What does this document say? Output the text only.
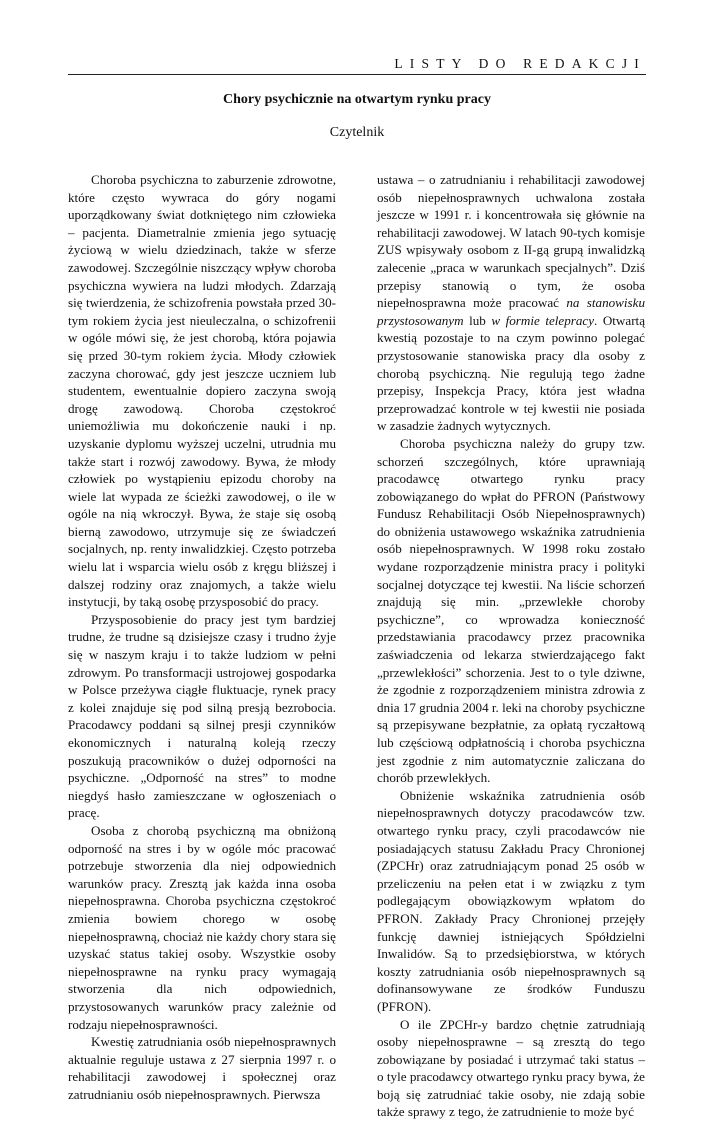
LISTY DO REDAKCJI
Chory psychicznie na otwartym rynku pracy
Czytelnik

Choroba psychiczna to zaburzenie zdrowotne, które często wywraca do góry nogami uporządkowany świat dotkniętego nim człowieka – pacjenta. Diametralnie zmienia jego sytuację życiową w wielu dziedzinach, także w sferze zawodowej. Szczególnie niszczący wpływ choroba psychiczna wywiera na ludzi młodych. Zdarzają się twierdzenia, że schizofrenia powstała przed 30-tym rokiem życia jest nieuleczalna, o schizofrenii w ogóle mówi się, że jest chorobą, która pojawia się przed 30-tym rokiem życia. Młody człowiek zaczyna chorować, gdy jest jeszcze uczniem lub studentem, ewentualnie dopiero zaczyna swoją drogę zawodową. Choroba częstokroć uniemożliwia mu dokończenie nauki i np. uzyskanie dyplomu wyższej uczelni, utrudnia mu także start i rozwój zawodowy. Bywa, że młody człowiek po wystąpieniu epizodu choroby na wiele lat wypada ze ścieżki zawodowej, o ile w ogóle na nią wkroczył. Bywa, że staje się osobą bierną zawodowo, utrzymuje się ze świadczeń socjalnych, np. renty inwalidzkiej. Często potrzeba wielu lat i wsparcia wielu osób z kręgu bliższej i dalszej rodziny oraz znajomych, a także wielu instytucji, by taką osobę przysposobić do pracy.

Przysposobienie do pracy jest tym bardziej trudne, że trudne są dzisiejsze czasy i trudno żyje się w naszym kraju i to także ludziom w pełni zdrowym. Po transformacji ustrojowej gospodarka w Polsce przeżywa ciągłe fluktuacje, rynek pracy z kolei znajduje się pod silną presją bezrobocia. Pracodawcy poddani są silnej presji czynników ekonomicznych i naturalną koleją rzeczy poszukują pracowników o dużej odporności na psychiczne. „Odporność na stres” to modne niegdyś hasło zamieszczane w ogłoszeniach o pracę.

Osoba z chorobą psychiczną ma obniżoną odporność na stres i by w ogóle móc pracować potrzebuje stworzenia dla niej odpowiednich warunków pracy. Zresztą jak każda inna osoba niepełnosprawna. Choroba psychiczna częstokroć zmienia bowiem chorego w osobę niepełnosprawną, chociaż nie każdy chory stara się uzyskać status takiej osoby. Wszystkie osoby niepełnosprawne na rynku pracy wymagają stworzenia dla nich odpowiednich, przystosowanych warunków pracy zależnie od rodzaju niepełnosprawności.

Kwestię zatrudniania osób niepełnosprawnych aktualnie reguluje ustawa z 27 sierpnia 1997 r. o rehabilitacji zawodowej i społecznej oraz zatrudnianiu osób niepełnosprawnych. Pierwsza

ustawa – o zatrudnianiu i rehabilitacji zawodowej osób niepełnosprawnych uchwalona została jeszcze w 1991 r. i koncentrowała się głównie na rehabilitacji zawodowej. W latach 90-tych komisje ZUS wpisywały osobom z II-gą grupą inwalidzką zalecenie „praca w warunkach specjalnych”. Dziś przepisy stanowią o tym, że osoba niepełnosprawna może pracować na stanowisku przystosowanym lub w formie telepracy. Otwartą kwestią pozostaje to na czym powinno polegać przystosowanie stanowiska pracy dla osoby z chorobą psychiczną. Nie regulują tego żadne przepisy, Inspekcja Pracy, która jest władna przeprowadzać kontrole w tej kwestii nie posiada w zasadzie żadnych wytycznych.

Choroba psychiczna należy do grupy tzw. schorzeń szczególnych, które uprawniają pracodawcę otwartego rynku pracy zobowiązanego do wpłat do PFRON (Państwowy Fundusz Rehabilitacji Osób Niepełnosprawnych) do obniżenia ustawowego wskaźnika zatrudnienia osób niepełnosprawnych. W 1998 roku zostało wydane rozporządzenie ministra pracy i polityki socjalnej dotyczące tej kwestii. Na liście schorzeń znajdują się min. „przewlekłe choroby psychiczne”, co wprowadza konieczność przedstawiania pracodawcy przez pracownika zaświadczenia od lekarza stwierdzającego fakt „przewlekłości” schorzenia. Jest to o tyle dziwne, że zgodnie z rozporządzeniem ministra zdrowia z dnia 17 grudnia 2004 r. leki na choroby psychiczne są przepisywane bezpłatnie, za opłatą ryczałtową lub częściową odpłatnością i choroba psychiczna jest zgodnie z nim automatycznie zaliczana do chorób przewlekłych.

Obniżenie wskaźnika zatrudnienia osób niepełnosprawnych dotyczy pracodawców tzw. otwartego rynku pracy, czyli pracodawców nie posiadających statusu Zakładu Pracy Chronionej (ZPCHr) oraz zatrudniającym ponad 25 osób w przeliczeniu na pełen etat i w związku z tym podlegającym obowiązkowym wpłatom do PFRON. Zakłady Pracy Chronionej przejęły funkcję dawniej istniejących Spółdzielni Inwalidów. Są to przedsiębiorstwa, w których koszty zatrudniania osób niepełnosprawnych są dofinansowywane ze środków Funduszu (PFRON).

O ile ZPCHr-y bardzo chętnie zatrudniają osoby niepełnosprawne – są zresztą do tego zobowiązane by posiadać i utrzymać taki status – o tyle pracodawcy otwartego rynku pracy bywa, że boją się zatrudniać takie osoby, nie zdają sobie także sprawy z tego, że zatrudnienie to może być
